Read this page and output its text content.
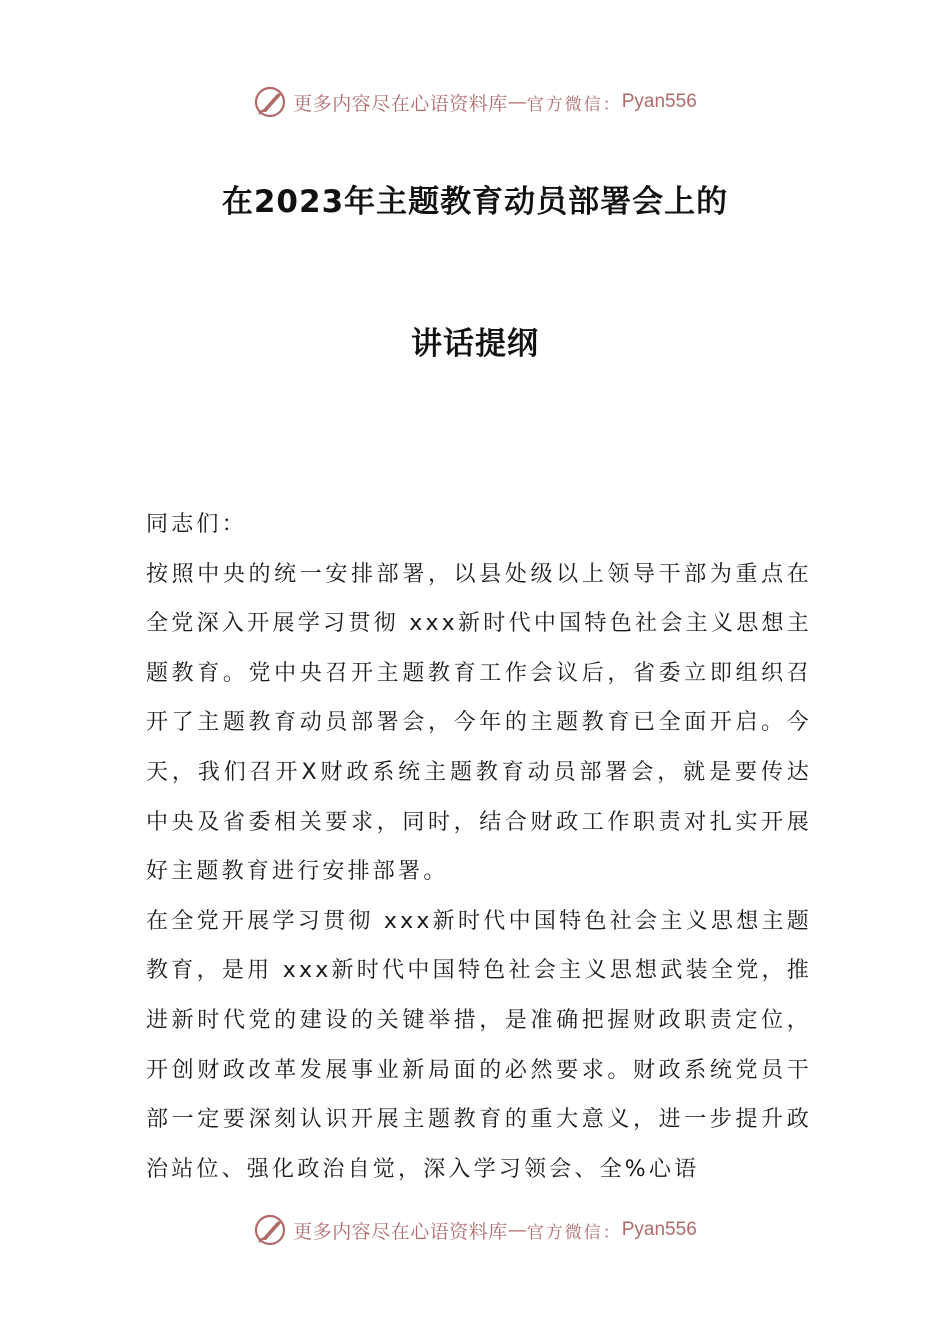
更多内容尽在心语资料库 — 官方微信： Pyan556
在2023年主题教育动员部署会上的
讲话提纲

同志们：

按照中央的统一安排部署，以县处级以上领导干部为重点在全党深入开展学习贯彻 xxx新时代中国特色社会主义思想主题教育。党中央召开主题教育工作会议后，省委立即组织召开了主题教育动员部署会，今年的主题教育已全面开启。今天，我们召开X财政系统主题教育动员部署会，就是要传达中央及省委相关要求，同时，结合财政工作职责对扎实开展好主题教育进行安排部署。

在全党开展学习贯彻 xxx新时代中国特色社会主义思想主题教育，是用 xxx新时代中国特色社会主义思想武装全党，推进新时代党的建设的关键举措，是准确把握财政职责定位，开创财政改革发展事业新局面的必然要求。财政系统党员干部一定要深刻认识开展主题教育的重大意义，进一步提升政治站位、强化政治自觉，深入学习领会、全%心语

更多内容尽在心语资料库 — 官方微信： Pyan556
